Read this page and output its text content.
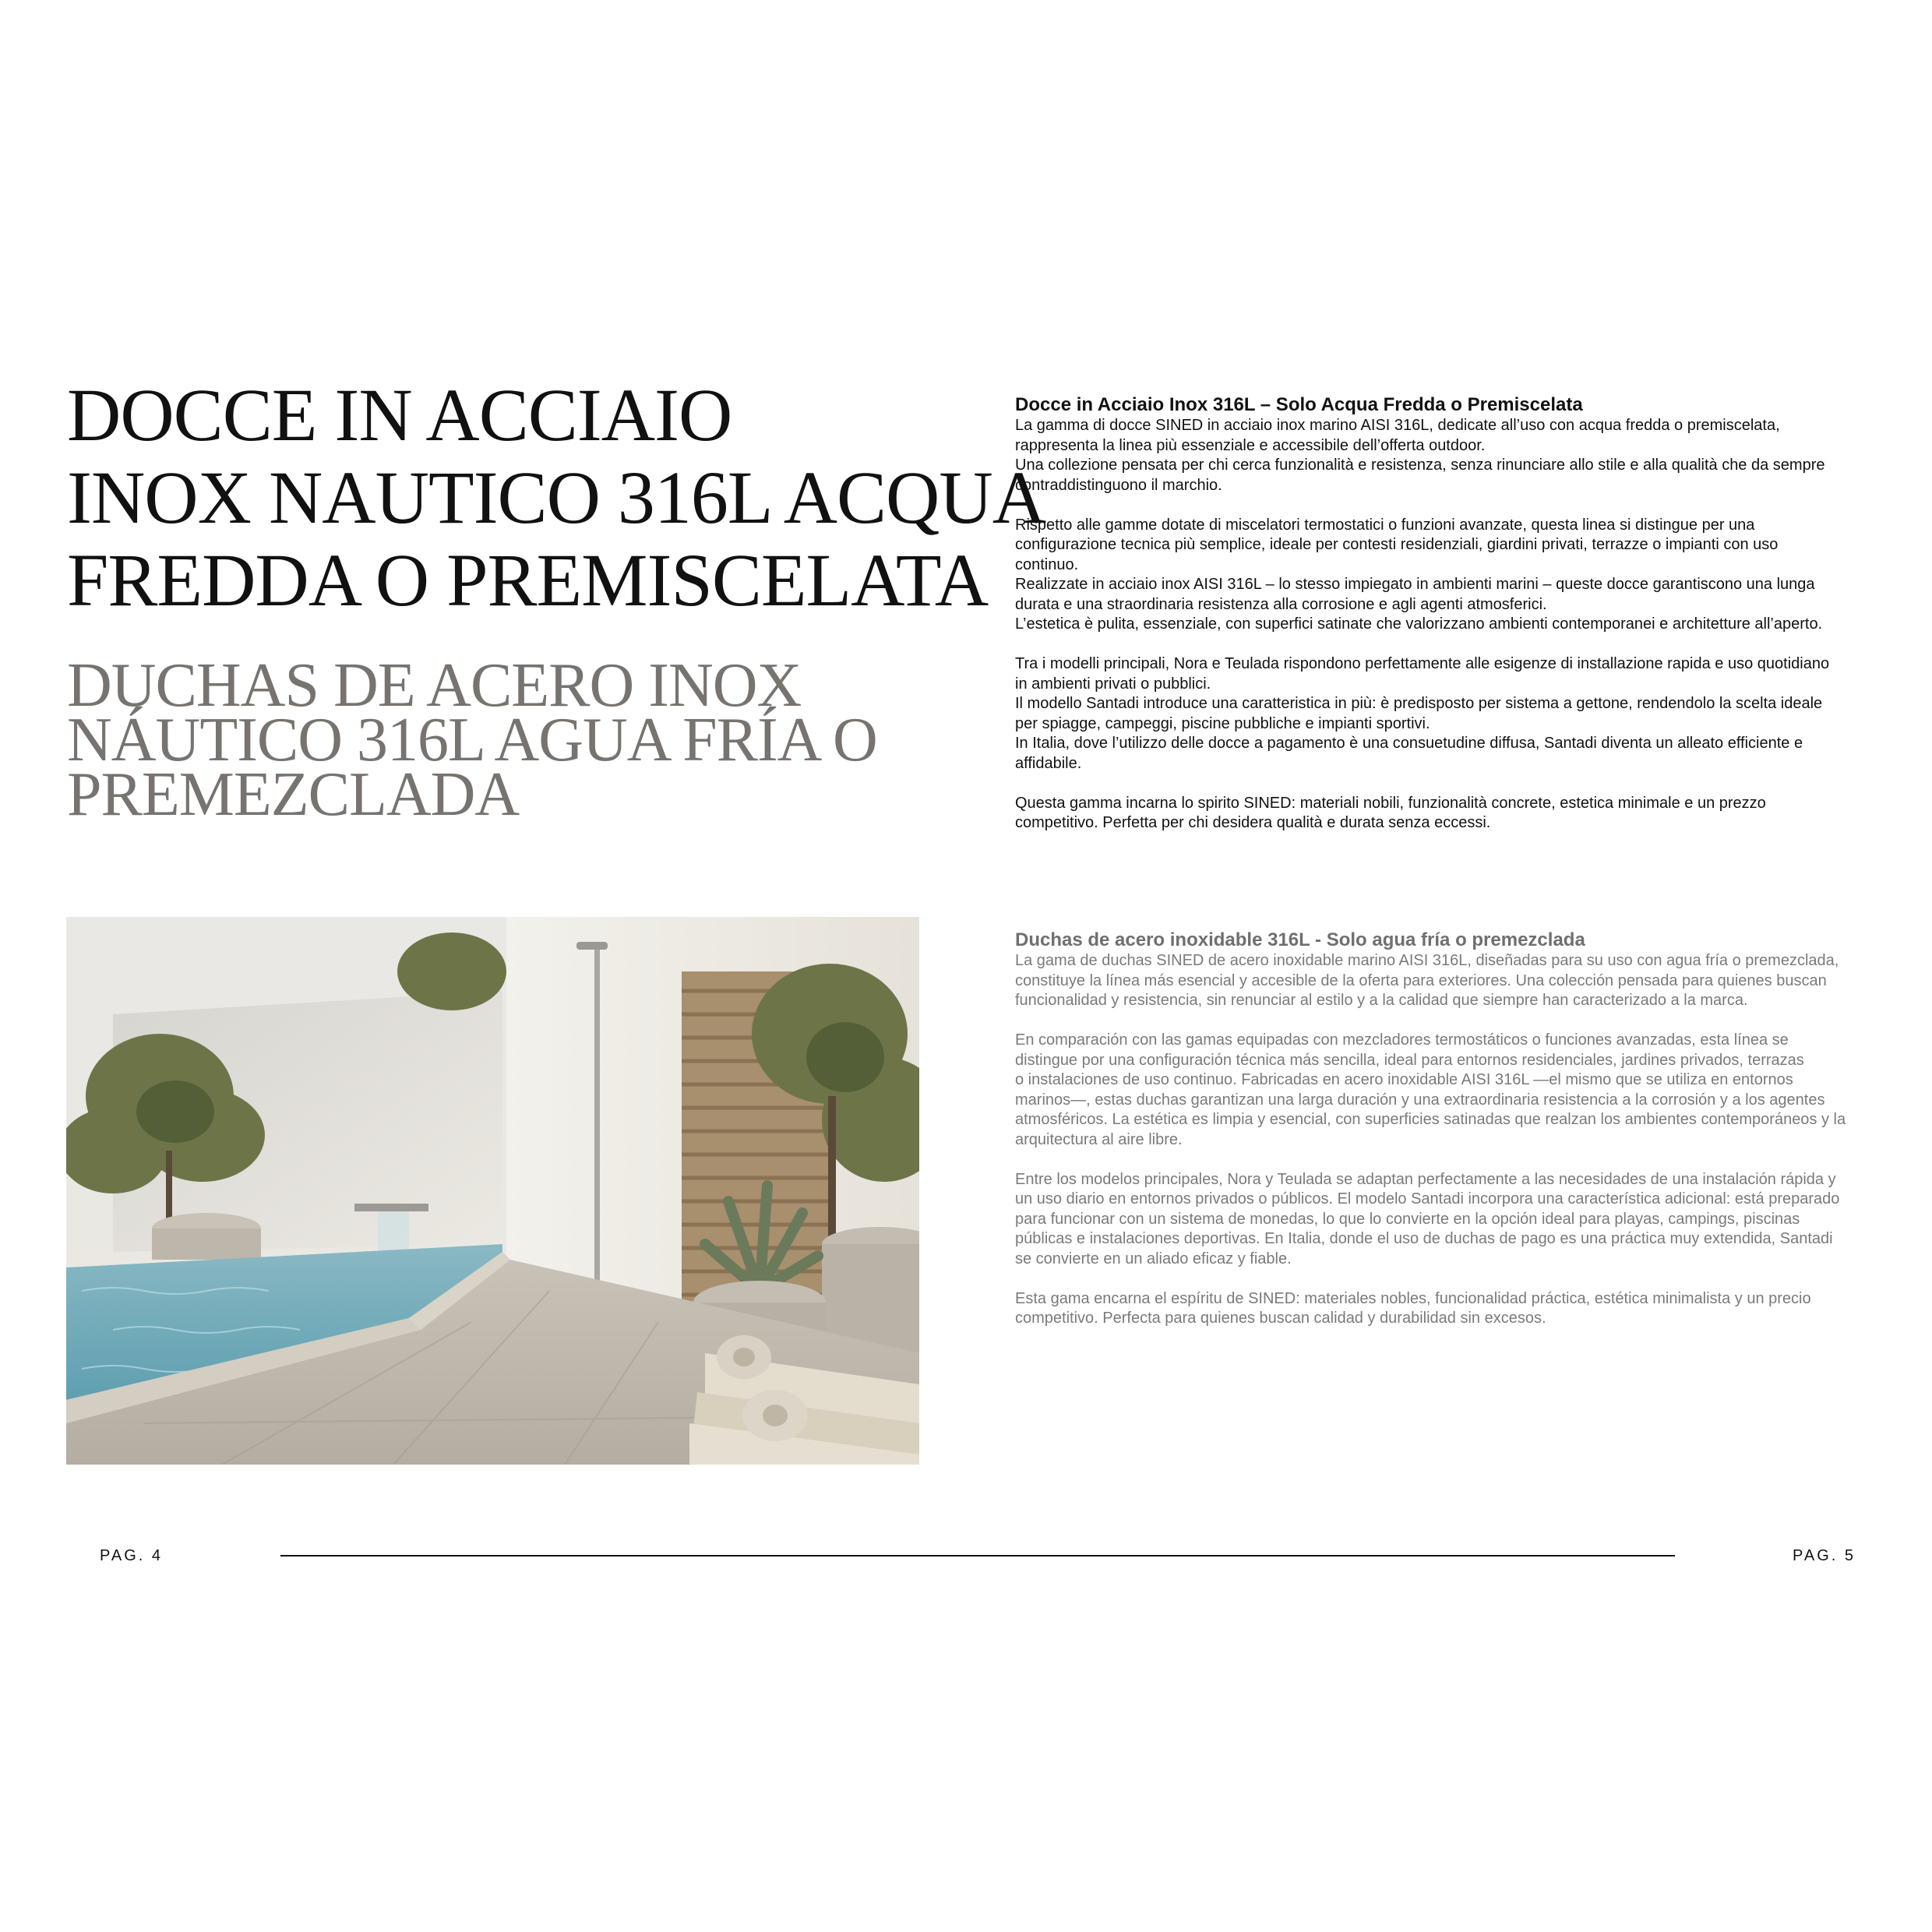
DOCCE IN ACCIAIO
INOX NAUTICO 316L ACQUA
FREDDA O PREMISCELATA
DUCHAS DE ACERO INOX
NÁUTICO 316L AGUA FRÍA O
PREMEZCLADA
Docce in Acciaio Inox 316L – Solo Acqua Fredda o Premiscelata

La gamma di docce SINED in acciaio inox marino AISI 316L, dedicate all’uso con acqua fredda o premiscelata,
rappresenta la linea più essenziale e accessibile dell’offerta outdoor.
Una collezione pensata per chi cerca funzionalità e resistenza, senza rinunciare allo stile e alla qualità che da sempre
contraddistinguono il marchio.

Rispetto alle gamme dotate di miscelatori termostatici o funzioni avanzate, questa linea si distingue per una
configurazione tecnica più semplice, ideale per contesti residenziali, giardini privati, terrazze o impianti con uso
continuo.
Realizzate in acciaio inox AISI 316L – lo stesso impiegato in ambienti marini – queste docce garantiscono una lunga
durata e una straordinaria resistenza alla corrosione e agli agenti atmosferici.
L’estetica è pulita, essenziale, con superfici satinate che valorizzano ambienti contemporanei e architetture all’aperto.

Tra i modelli principali, Nora e Teulada rispondono perfettamente alle esigenze di installazione rapida e uso quotidiano
in ambienti privati o pubblici.
Il modello Santadi introduce una caratteristica in più: è predisposto per sistema a gettone, rendendolo la scelta ideale
per spiagge, campeggi, piscine pubbliche e impianti sportivi.
In Italia, dove l’utilizzo delle docce a pagamento è una consuetudine diffusa, Santadi diventa un alleato efficiente e
affidabile.

Questa gamma incarna lo spirito SINED: materiali nobili, funzionalità concrete, estetica minimale e un prezzo
competitivo. Perfetta per chi desidera qualità e durata senza eccessi.

Duchas de acero inoxidable 316L - Solo agua fría o premezclada

La gama de duchas SINED de acero inoxidable marino AISI 316L, diseñadas para su uso con agua fría o premezclada,
constituye la línea más esencial y accesible de la oferta para exteriores. Una colección pensada para quienes buscan
funcionalidad y resistencia, sin renunciar al estilo y a la calidad que siempre han caracterizado a la marca.

En comparación con las gamas equipadas con mezcladores termostáticos o funciones avanzadas, esta línea se
distingue por una configuración técnica más sencilla, ideal para entornos residenciales, jardines privados, terrazas
o instalaciones de uso continuo. Fabricadas en acero inoxidable AISI 316L —el mismo que se utiliza en entornos
marinos—, estas duchas garantizan una larga duración y una extraordinaria resistencia a la corrosión y a los agentes
atmosféricos. La estética es limpia y esencial, con superficies satinadas que realzan los ambientes contemporáneos y la
arquitectura al aire libre.

Entre los modelos principales, Nora y Teulada se adaptan perfectamente a las necesidades de una instalación rápida y
un uso diario en entornos privados o públicos. El modelo Santadi incorpora una característica adicional: está preparado
para funcionar con un sistema de monedas, lo que lo convierte en la opción ideal para playas, campings, piscinas
públicas e instalaciones deportivas. En Italia, donde el uso de duchas de pago es una práctica muy extendida, Santadi
se convierte en un aliado eficaz y fiable.

Esta gama encarna el espíritu de SINED: materiales nobles, funcionalidad práctica, estética minimalista y un precio
competitivo. Perfecta para quienes buscan calidad y durabilidad sin excesos.

PAG. 4	PAG. 5
